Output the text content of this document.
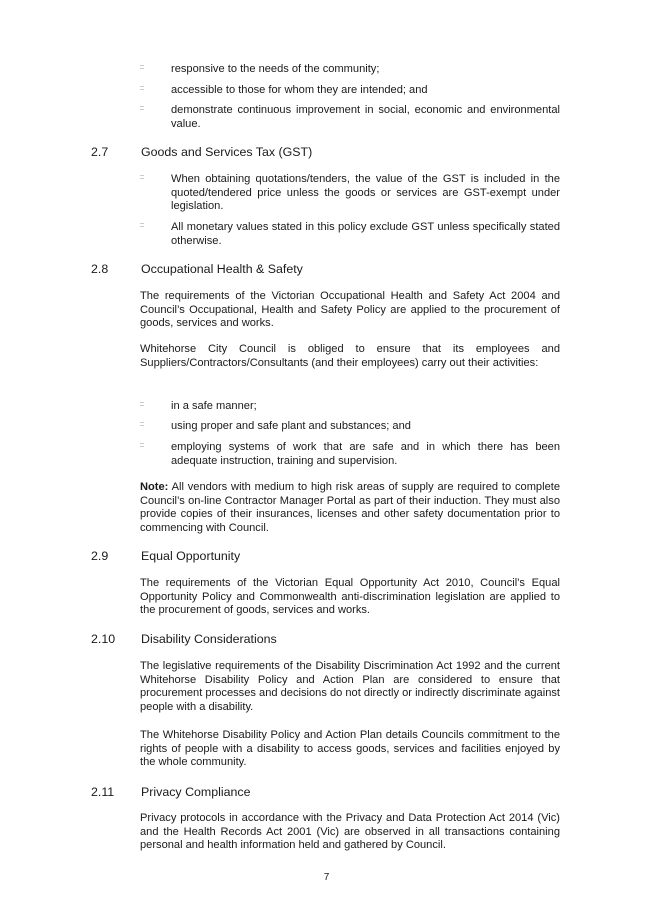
:: responsive to the needs of the community;
:: accessible to those for whom they are intended; and
:: demonstrate continuous improvement in social, economic and environmental value.
2.7	Goods and Services Tax (GST)
:: When obtaining quotations/tenders, the value of the GST is included in the quoted/tendered price unless the goods or services are GST-exempt under legislation.
:: All monetary values stated in this policy exclude GST unless specifically stated otherwise.
2.8	Occupational Health & Safety
The requirements of the Victorian Occupational Health and Safety Act 2004 and Council’s Occupational, Health and Safety Policy are applied to the procurement of goods, services and works.
Whitehorse City Council is obliged to ensure that its employees and Suppliers/Contractors/Consultants (and their employees) carry out their activities:
:: in a safe manner;
:: using proper and safe plant and substances; and
:: employing systems of work that are safe and in which there has been adequate instruction, training and supervision.
Note: All vendors with medium to high risk areas of supply are required to complete Council’s on-line Contractor Manager Portal as part of their induction. They must also provide copies of their insurances, licenses and other safety documentation prior to commencing with Council.
2.9	Equal Opportunity
The requirements of the Victorian Equal Opportunity Act 2010, Council’s Equal Opportunity Policy and Commonwealth anti-discrimination legislation are applied to the procurement of goods, services and works.
2.10 Disability Considerations
The legislative requirements of the Disability Discrimination Act 1992 and the current Whitehorse Disability Policy and Action Plan are considered to ensure that procurement processes and decisions do not directly or indirectly discriminate against people with a disability.
The Whitehorse Disability Policy and Action Plan details Councils commitment to the rights of people with a disability to access goods, services and facilities enjoyed by the whole community.
2.11 Privacy Compliance
Privacy protocols in accordance with the Privacy and Data Protection Act 2014 (Vic) and the Health Records Act 2001 (Vic) are observed in all transactions containing personal and health information held and gathered by Council.
7
